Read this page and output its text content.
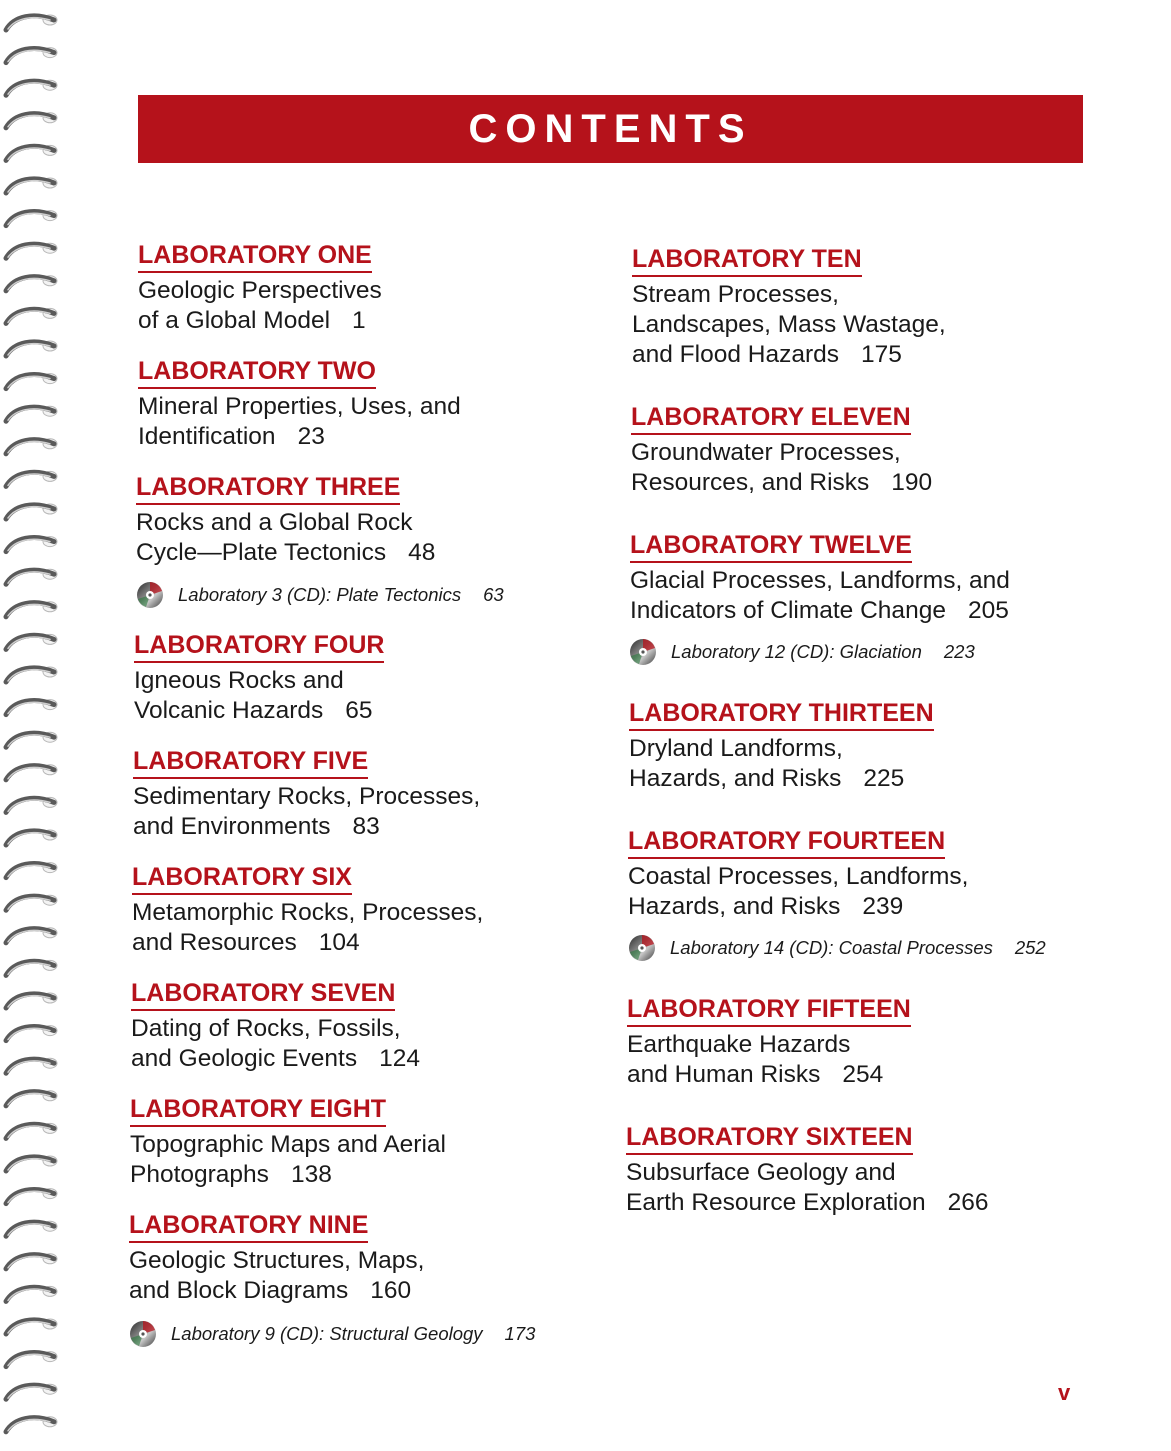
CONTENTS
LABORATORY ONE
Geologic Perspectives
of a Global Model 1
LABORATORY TWO
Mineral Properties, Uses, and
Identification 23
LABORATORY THREE
Rocks and a Global Rock
Cycle—Plate Tectonics 48
Laboratory 3 (CD): Plate Tectonics 63
LABORATORY FOUR
Igneous Rocks and
Volcanic Hazards 65
LABORATORY FIVE
Sedimentary Rocks, Processes,
and Environments 83
LABORATORY SIX
Metamorphic Rocks, Processes,
and Resources 104
LABORATORY SEVEN
Dating of Rocks, Fossils,
and Geologic Events 124
LABORATORY EIGHT
Topographic Maps and Aerial
Photographs 138
LABORATORY NINE
Geologic Structures, Maps,
and Block Diagrams 160
Laboratory 9 (CD): Structural Geology 173
LABORATORY TEN
Stream Processes,
Landscapes, Mass Wastage,
and Flood Hazards 175
LABORATORY ELEVEN
Groundwater Processes,
Resources, and Risks 190
LABORATORY TWELVE
Glacial Processes, Landforms, and
Indicators of Climate Change 205
Laboratory 12 (CD): Glaciation 223
LABORATORY THIRTEEN
Dryland Landforms,
Hazards, and Risks 225
LABORATORY FOURTEEN
Coastal Processes, Landforms,
Hazards, and Risks 239
Laboratory 14 (CD): Coastal Processes 252
LABORATORY FIFTEEN
Earthquake Hazards
and Human Risks 254
LABORATORY SIXTEEN
Subsurface Geology and
Earth Resource Exploration 266
v
